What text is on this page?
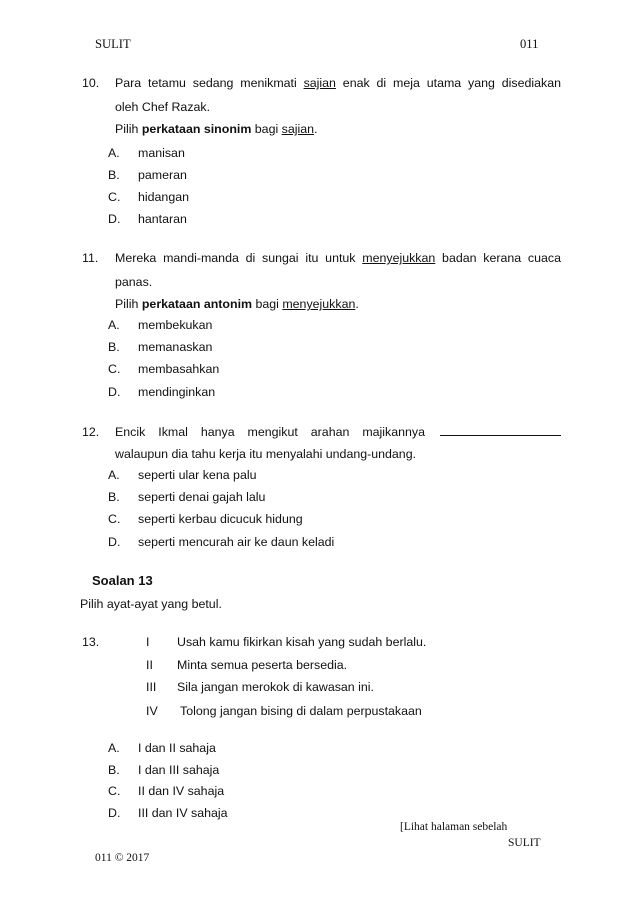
SULIT	011
10. Para tetamu sedang menikmati sajian enak di meja utama yang disediakan
oleh Chef Razak.
Pilih perkataan sinonim bagi sajian.
A. manisan
B. pameran
C. hidangan
D. hantaran
11. Mereka mandi-manda di sungai itu untuk menyejukkan badan kerana cuaca
panas.
Pilih perkataan antonim bagi menyejukkan.
A. membekukan
B. memanaskan
C. membasahkan
D. mendinginkan
12. Encik Ikmal hanya mengikut arahan majikannya
walaupun dia tahu kerja itu menyalahi undang-undang.
A. seperti ular kena palu
B. seperti denai gajah lalu
C. seperti kerbau dicucuk hidung
D. seperti mencurah air ke daun keladi
Soalan 13
Pilih ayat-ayat yang betul.
13.	I Usah kamu fikirkan kisah yang sudah berlalu.
II Minta semua peserta bersedia.
III Sila jangan merokok di kawasan ini.
IV Tolong jangan bising di dalam perpustakaan
A. I dan II sahaja
B. I dan III sahaja
C. II dan IV sahaja
D. III dan IV sahaja
[Lihat halaman sebelah
SULIT
011 © 2017
